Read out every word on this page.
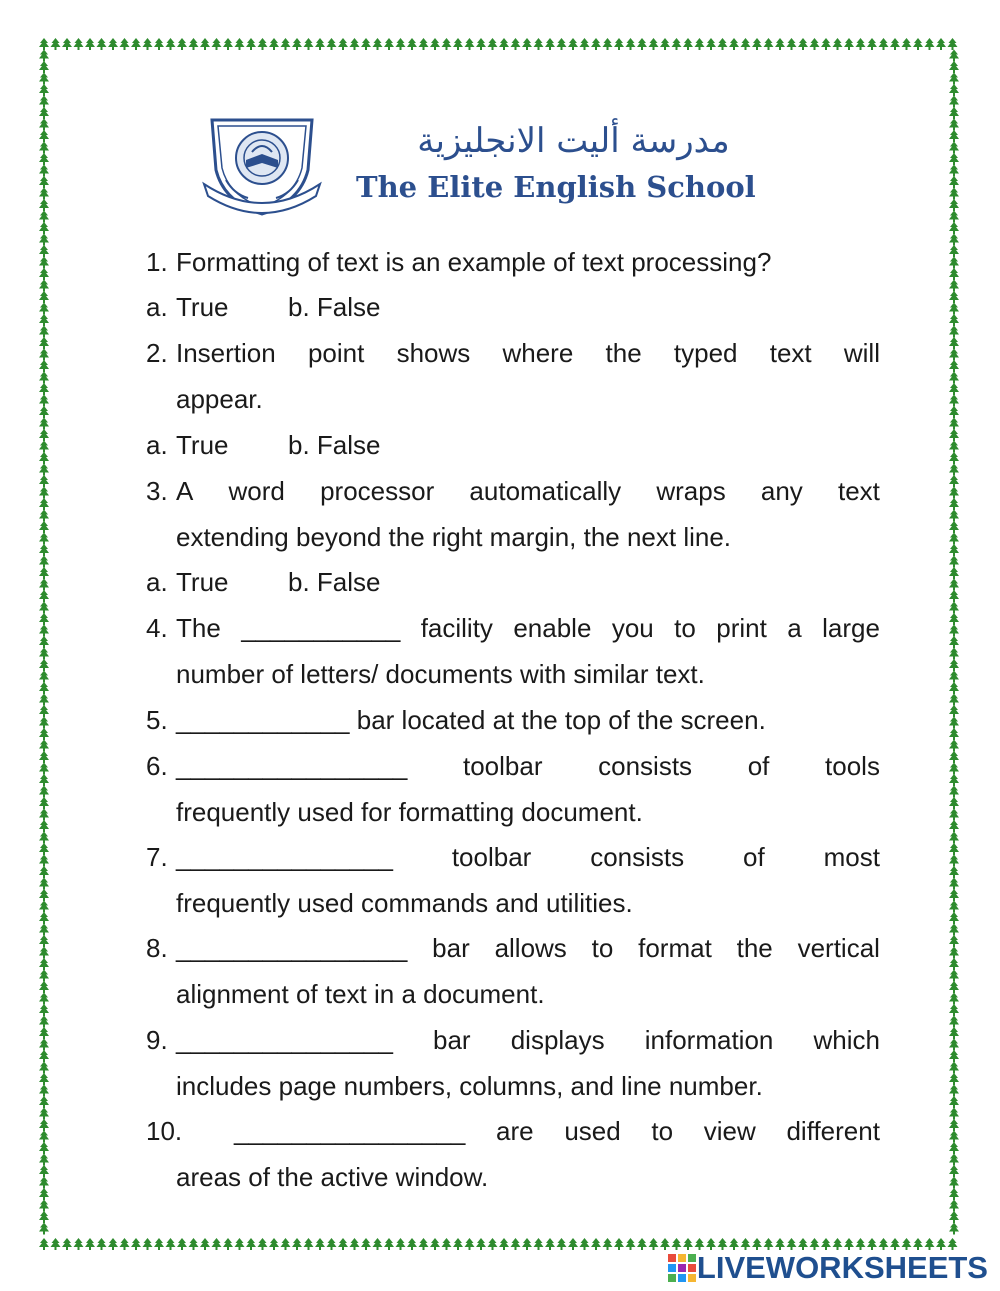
مدرسة أليت الانجليزية
The Elite English School
1. Formatting of text is an example of text processing?
a. True b. False
2. Insertion point shows where the typed text will
appear.
a. True b. False
3. A word processor automatically wraps any text
extending beyond the right margin, the next line.
a. True b. False
4. The ___________ facility enable you to print a large
number of letters/ documents with similar text.
5. ____________ bar located at the top of the screen.
6. ________________ toolbar consists of tools
frequently used for formatting document.
7. _______________ toolbar consists of most
frequently used commands and utilities.
8. ________________ bar allows to format the vertical
alignment of text in a document.
9. _______________ bar displays information which
includes page numbers, columns, and line number.
10.	________________ are used to view different
areas of the active window.
LIVEWORKSHEETS
